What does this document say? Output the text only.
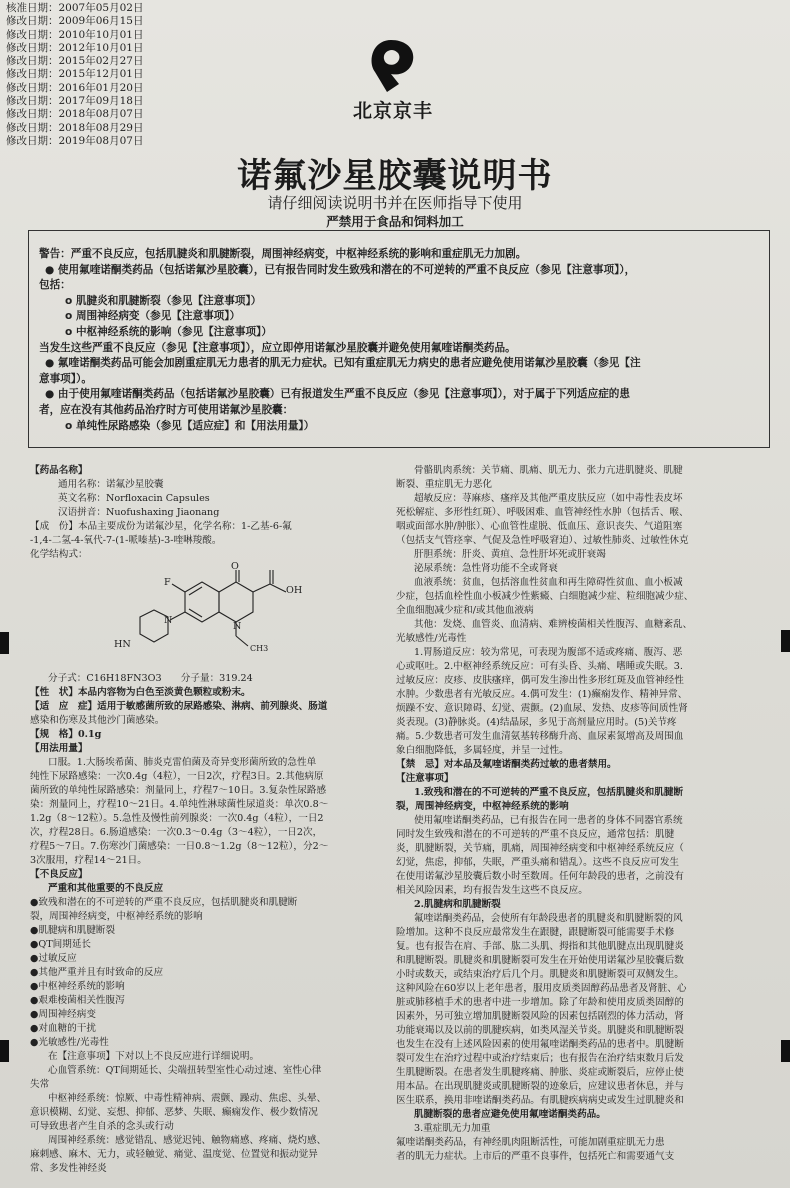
核准日期：2007年05月02日
修改日期：2009年06月15日
修改日期：2010年10月01日
修改日期：2012年10月01日
修改日期：2015年02月27日
修改日期：2015年12月01日
修改日期：2016年01月20日
修改日期：2017年09月18日
修改日期：2018年08月07日
修改日期：2018年08月29日
修改日期：2019年08月07日
北京京丰
诺氟沙星胶囊说明书
请仔细阅读说明书并在医师指导下使用
严禁用于食品和饲料加工
警告：严重不良反应，包括肌腱炎和肌腱断裂，周围神经病变，中枢神经系统的影响和重症肌无力加剧。
● 使用氟喹诺酮类药品（包括诺氟沙星胶囊），已有报告同时发生致残和潜在的不可逆转的严重不良反应（参见【注意事项】），
包括：
o 肌腱炎和肌腱断裂（参见【注意事项】）
o 周围神经病变（参见【注意事项】）
o 中枢神经系统的影响（参见【注意事项】）
当发生这些严重不良反应（参见【注意事项】），应立即停用诺氟沙星胶囊并避免使用氟喹诺酮类药品。
● 氟喹诺酮类药品可能会加剧重症肌无力患者的肌无力症状。已知有重症肌无力病史的患者应避免使用诺氟沙星胶囊（参见【注
意事项】）。
● 由于使用氟喹诺酮类药品（包括诺氟沙星胶囊）已有报道发生严重不良反应（参见【注意事项】），对于属于下列适应症的患
者，应在没有其他药品治疗时方可使用诺氟沙星胶囊：
o 单纯性尿路感染（参见【适应症】和【用法用量】）
【药品名称】
通用名称：诺氟沙星胶囊
英文名称：Norfloxacin Capsules
汉语拼音：Nuofushaxing Jiaonang
【成　份】本品主要成份为诺氟沙星，化学名称：1-乙基-6-氟
-1,4-二氢-4-氧代-7-(1-哌嗪基)-3-喹啉羧酸。
化学结构式：
F
O
OH
N
N
HN	CH3
分子式：C16H18FN3O3　　分子量：319.24
【性　状】本品内容物为白色至淡黄色颗粒或粉末。
【适　应　症】适用于敏感菌所致的尿路感染、淋病、前列腺炎、肠道
感染和伤寒及其他沙门菌感染。
【规　格】0.1g
【用法用量】
口服。1.大肠埃希菌、肺炎克雷伯菌及奇异变形菌所致的急性单
纯性下尿路感染：一次0.4g（4粒），一日2次，疗程3日。2.其他病原
菌所致的单纯性尿路感染：剂量同上，疗程7～10日。3.复杂性尿路感
染：剂量同上，疗程10～21日。4.单纯性淋球菌性尿道炎：单次0.8～
1.2g（8～12粒）。5.急性及慢性前列腺炎：一次0.4g（4粒），一日2
次，疗程28日。6.肠道感染：一次0.3～0.4g（3～4粒），一日2次，
疗程5～7日。7.伤寒沙门菌感染：一日0.8～1.2g（8～12粒），分2～
3次服用，疗程14～21日。
【不良反应】
严重和其他重要的不良反应
●致残和潜在的不可逆转的严重不良反应，包括肌腱炎和肌腱断
裂，周围神经病变，中枢神经系统的影响
●肌腱病和肌腱断裂
●QT间期延长
●过敏反应
●其他严重并且有时致命的反应
●中枢神经系统的影响
●艰难梭菌相关性腹泻
●周围神经病变
●对血糖的干扰
●光敏感性/光毒性
在【注意事项】下对以上不良反应进行详细说明。
心血管系统：QT间期延长、尖端扭转型室性心动过速、室性心律
失常
中枢神经系统：惊厥、中毒性精神病、震颤、躁动、焦虑、头晕、
意识模糊、幻觉、妄想、抑郁、恶梦、失眠、癫痫发作、极少数情况
可导致患者产生自杀的念头或行动
周围神经系统：感觉错乱、感觉迟钝、触物痛感、疼痛、烧灼感、
麻刺感、麻木、无力，或轻触觉、痛觉、温度觉、位置觉和振动觉异
常、多发性神经炎
骨骼肌肉系统：关节痛、肌痛、肌无力、张力亢进肌腱炎、肌腱
断裂、重症肌无力恶化
超敏反应：荨麻疹、瘙痒及其他严重皮肤反应（如中毒性表皮坏
死松解症、多形性红斑）、呼吸困难、血管神经性水肿（包括舌、喉、
咽或面部水肿/肿胀）、心血管性虚脱、低血压、意识丧失、气道阻塞
（包括支气管痉挛、气促及急性呼吸窘迫）、过敏性肺炎、过敏性休克
肝胆系统：肝炎、黄疸、急性肝坏死或肝衰竭
泌尿系统：急性肾功能不全或肾衰
血液系统：贫血，包括溶血性贫血和再生障碍性贫血、血小板减
少症，包括血栓性血小板减少性紫癜、白细胞减少症、粒细胞减少症、
全血细胞减少症和/或其他血液病
其他：发烧、血管炎、血清病、难辨梭菌相关性腹泻、血糖紊乱、
光敏感性/光毒性
1.胃肠道反应：较为常见，可表现为腹部不适或疼痛、腹泻、恶
心或呕吐。2.中枢神经系统反应：可有头昏、头痛、嗜睡或失眠。3.
过敏反应：皮疹、皮肤瘙痒，偶可发生渗出性多形红斑及血管神经性
水肿。少数患者有光敏反应。4.偶可发生：(1)癫痫发作、精神异常、
烦躁不安、意识障碍、幻觉、震颤。(2)血尿、发热、皮疹等间质性肾
炎表现。(3)静脉炎。(4)结晶尿，多见于高剂量应用时。(5)关节疼
痛。5.少数患者可发生血清氨基转移酶升高、血尿素氮增高及周围血
象白细胞降低，多属轻度，并呈一过性。
【禁　忌】对本品及氟喹诺酮类药过敏的患者禁用。
【注意事项】
1.致残和潜在的不可逆转的严重不良反应，包括肌腱炎和肌腱断
裂，周围神经病变，中枢神经系统的影响
使用氟喹诺酮类药品，已有报告在同一患者的身体不同器官系统
同时发生致残和潜在的不可逆转的严重不良反应，通常包括：肌腱
炎，肌腱断裂，关节痛，肌痛，周围神经病变和中枢神经系统反应（
幻觉，焦虑，抑郁，失眠，严重头痛和错乱）。这些不良反应可发生
在使用诺氟沙星胶囊后数小时至数周。任何年龄段的患者，之前没有
相关风险因素，均有报告发生这些不良反应。
2.肌腱病和肌腱断裂
氟喹诺酮类药品，会使所有年龄段患者的肌腱炎和肌腱断裂的风
险增加。这种不良反应最常发生在跟腱，跟腱断裂可能需要手术修
复。也有报告在肩、手部、肱二头肌、拇指和其他肌腱点出现肌腱炎
和肌腱断裂。肌腱炎和肌腱断裂可发生在开始使用诺氟沙星胶囊后数
小时或数天，或结束治疗后几个月。肌腱炎和肌腱断裂可双侧发生。
这种风险在60岁以上老年患者，服用皮质类固醇药品患者及肾脏、心
脏或肺移植手术的患者中进一步增加。除了年龄和使用皮质类固醇的
因素外，另可独立增加肌腱断裂风险的因素包括剧烈的体力活动，肾
功能衰竭以及以前的肌腱疾病，如类风湿关节炎。肌腱炎和肌腱断裂
也发生在没有上述风险因素的使用氟喹诺酮类药品的患者中。肌腱断
裂可发生在治疗过程中或治疗结束后；也有报告在治疗结束数月后发
生肌腱断裂。在患者发生肌腱疼痛、肿胀、炎症或断裂后，应停止使
用本品。在出现肌腱炎或肌腱断裂的迹象后，应建议患者休息，并与
医生联系，换用非喹诺酮类药品。有肌腱疾病病史或发生过肌腱炎和
肌腱断裂的患者应避免使用氟喹诺酮类药品。
3.重症肌无力加重
氟喹诺酮类药品，有神经肌肉阻断活性，可能加剧重症肌无力患
者的肌无力症状。上市后的严重不良事件，包括死亡和需要通气支
